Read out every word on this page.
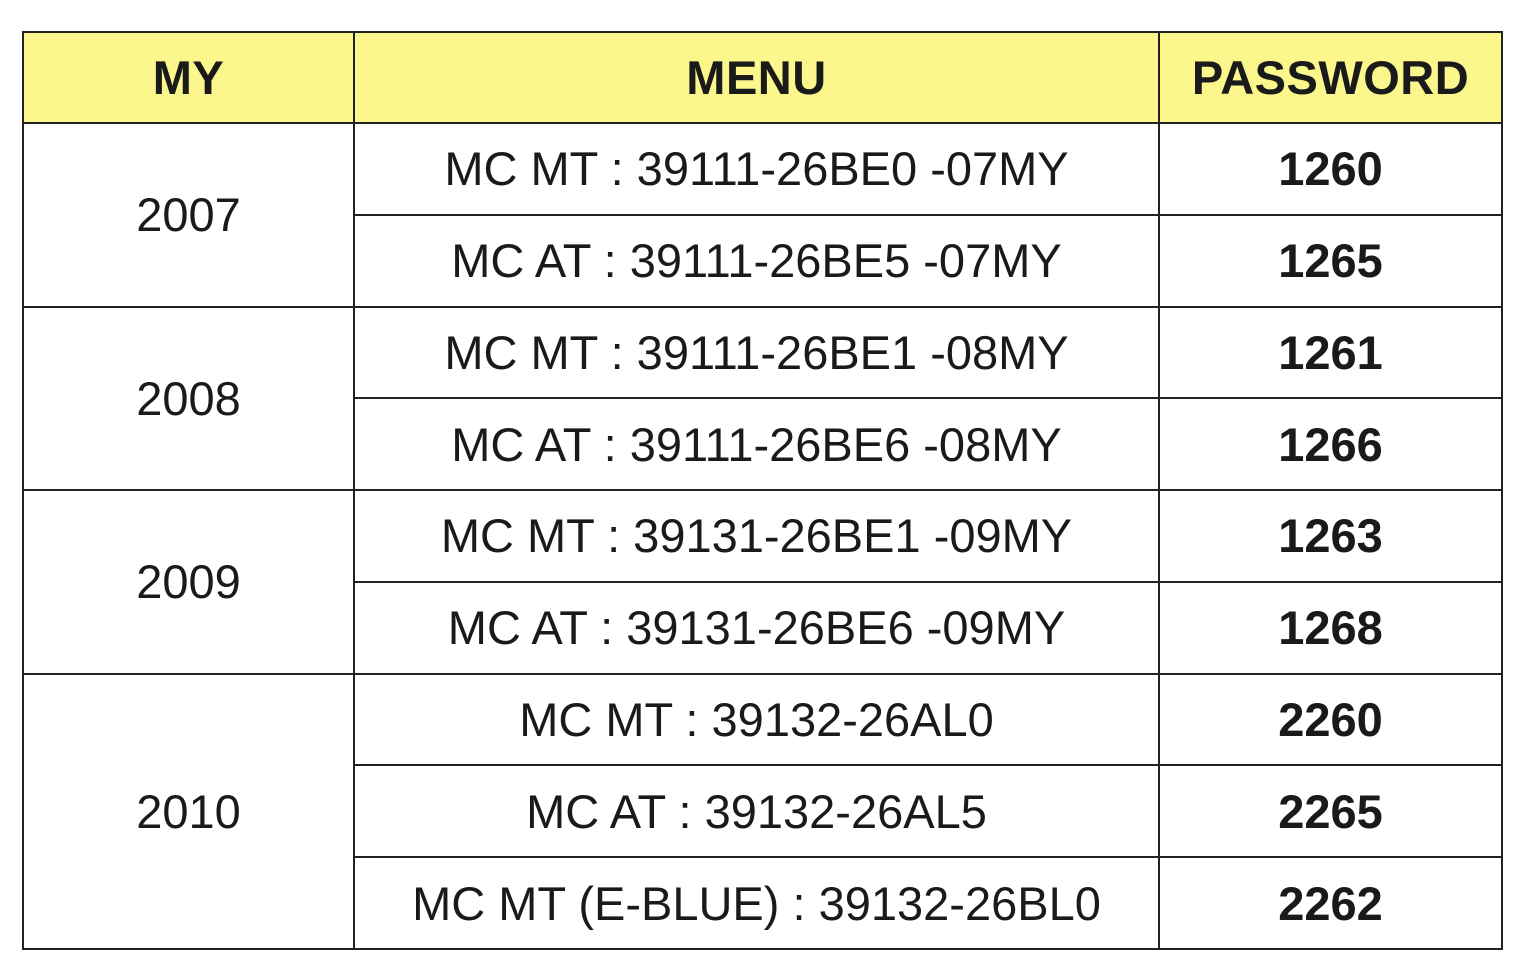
MY	MENU	PASSWORD
2007	MC MT : 39111-26BE0 -07MY	1260
	MC AT : 39111-26BE5 -07MY	1265
2008	MC MT : 39111-26BE1 -08MY	1261
	MC AT : 39111-26BE6 -08MY	1266
2009	MC MT : 39131-26BE1 -09MY	1263
	MC AT : 39131-26BE6 -09MY	1268
2010	MC MT : 39132-26AL0	2260
	MC AT : 39132-26AL5	2265
	MC MT (E-BLUE) : 39132-26BL0	2262
